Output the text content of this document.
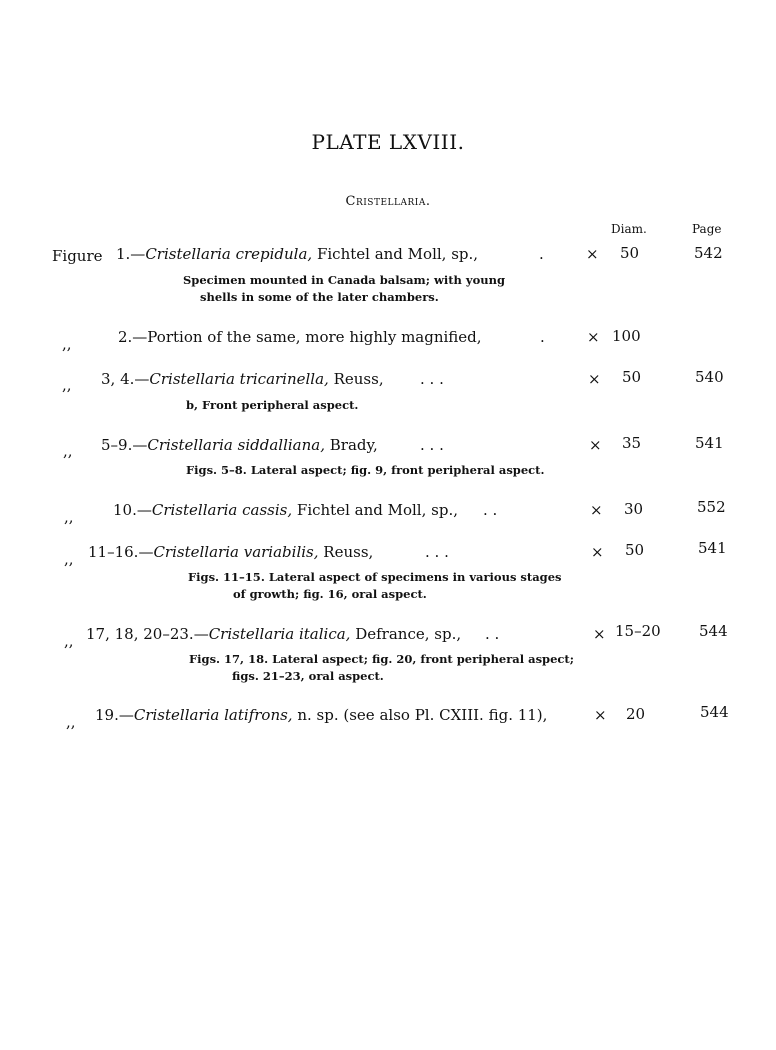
PLATE LXVIII.
Cristellaria.
Diam.	Page
Figure 1.—Cristellaria crepidula, Fichtel and Moll, sp.,	.	× 50	542
Specimen mounted in Canada balsam; with young
shells in some of the later chambers.
,,	2.—Portion of the same, more highly magnified,	.	× 100
,, 3, 4.—Cristellaria tricarinella, Reuss, . . .	× 50	540
b, Front peripheral aspect.
,, 5–9.—Cristellaria siddalliana, Brady,	. . .	× 35	541
Figs. 5–8. Lateral aspect; fig. 9, front peripheral aspect.
,,	10.—Cristellaria cassis, Fichtel and Moll, sp., . .	× 30	552
,, 11–16.—Cristellaria variabilis, Reuss,	. . .	× 50	541
Figs. 11–15. Lateral aspect of specimens in various stages
of growth; fig. 16, oral aspect.
,, 17, 18, 20–23.—Cristellaria italica, Defrance, sp., . .	× 15–20	544
Figs. 17, 18. Lateral aspect; fig. 20, front peripheral aspect;
figs. 21–23, oral aspect.
,, 19.—Cristellaria latifrons, n. sp. (see also Pl. CXIII. fig. 11),	× 20	544
